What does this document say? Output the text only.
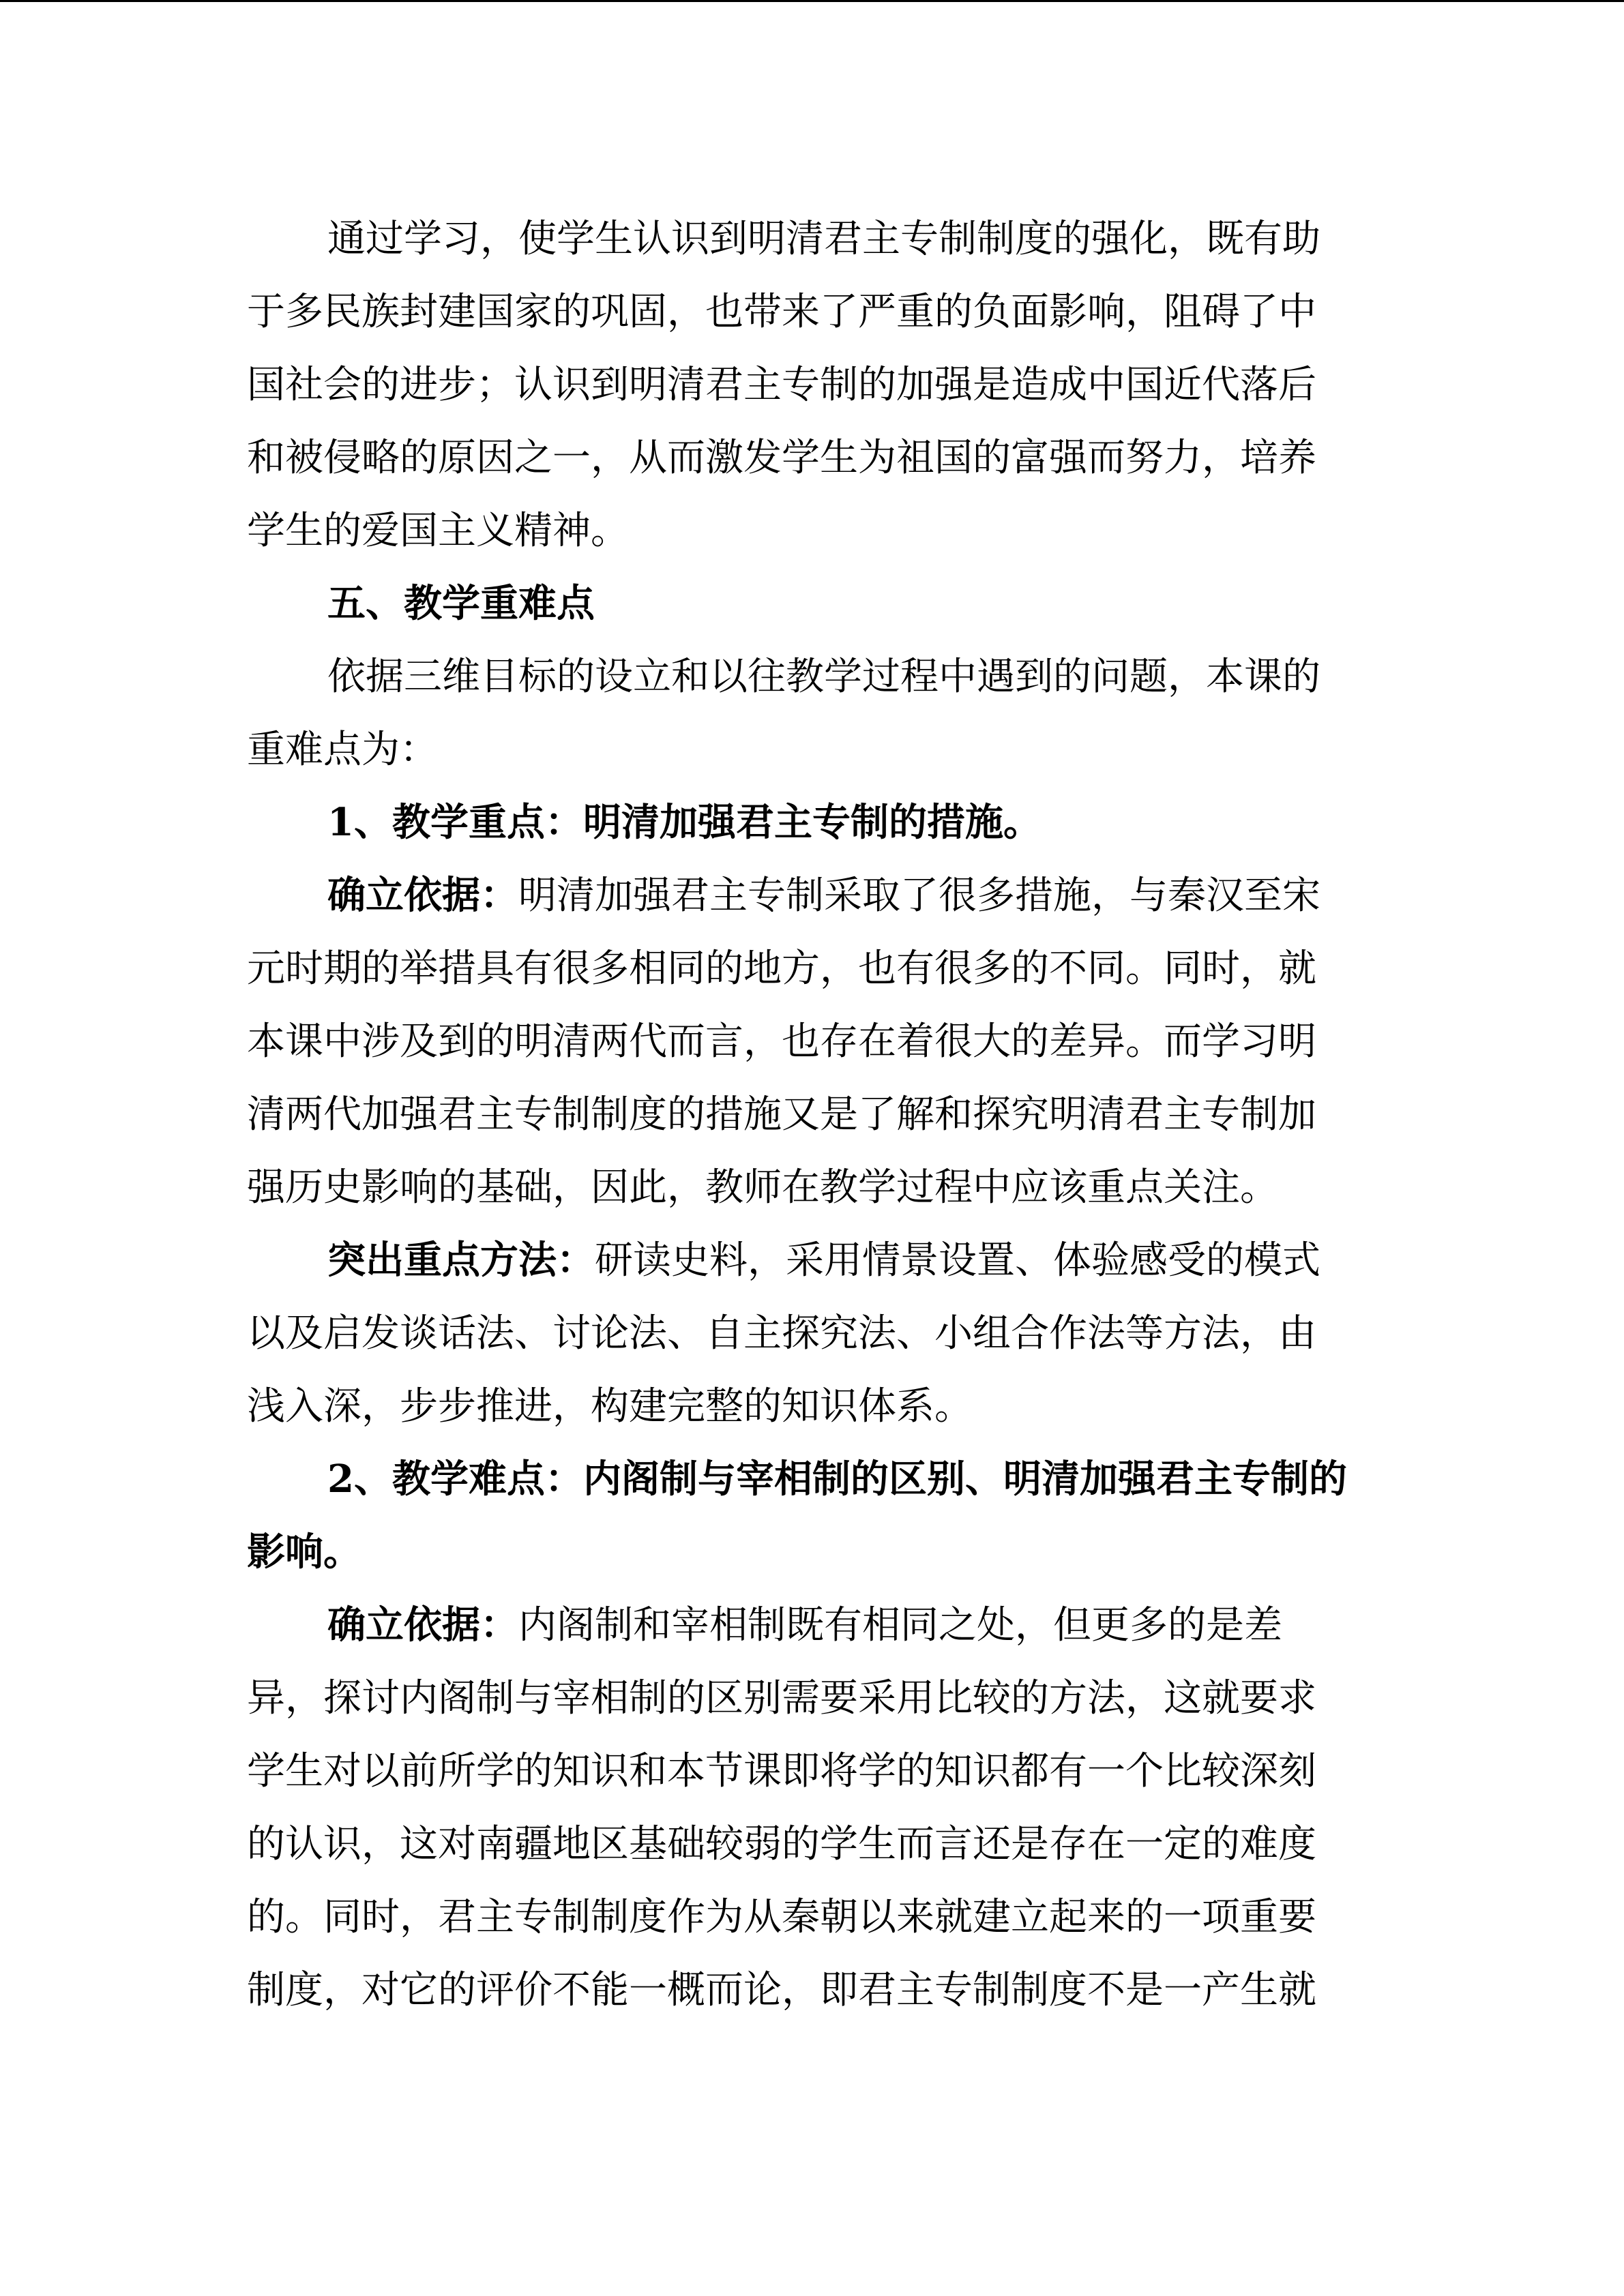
通过学习，使学生认识到明清君主专制制度的强化，既有助
于多民族封建国家的巩固，也带来了严重的负面影响，阻碍了中
国社会的进步；认识到明清君主专制的加强是造成中国近代落后
和被侵略的原因之一，从而激发学生为祖国的富强而努力，培养
学生的爱国主义精神。
五、教学重难点
依据三维目标的设立和以往教学过程中遇到的问题，本课的
重难点为：
1、教学重点：明清加强君主专制的措施。
确立依据：明清加强君主专制采取了很多措施，与秦汉至宋
元时期的举措具有很多相同的地方，也有很多的不同。同时，就
本课中涉及到的明清两代而言，也存在着很大的差异。而学习明
清两代加强君主专制制度的措施又是了解和探究明清君主专制加
强历史影响的基础，因此，教师在教学过程中应该重点关注。
突出重点方法：研读史料，采用情景设置、体验感受的模式
以及启发谈话法、讨论法、自主探究法、小组合作法等方法，由
浅入深，步步推进，构建完整的知识体系。
2、教学难点：内阁制与宰相制的区别、明清加强君主专制的
影响。
确立依据：内阁制和宰相制既有相同之处，但更多的是差
异，探讨内阁制与宰相制的区别需要采用比较的方法，这就要求
学生对以前所学的知识和本节课即将学的知识都有一个比较深刻
的认识，这对南疆地区基础较弱的学生而言还是存在一定的难度
的。同时，君主专制制度作为从秦朝以来就建立起来的一项重要
制度，对它的评价不能一概而论，即君主专制制度不是一产生就
